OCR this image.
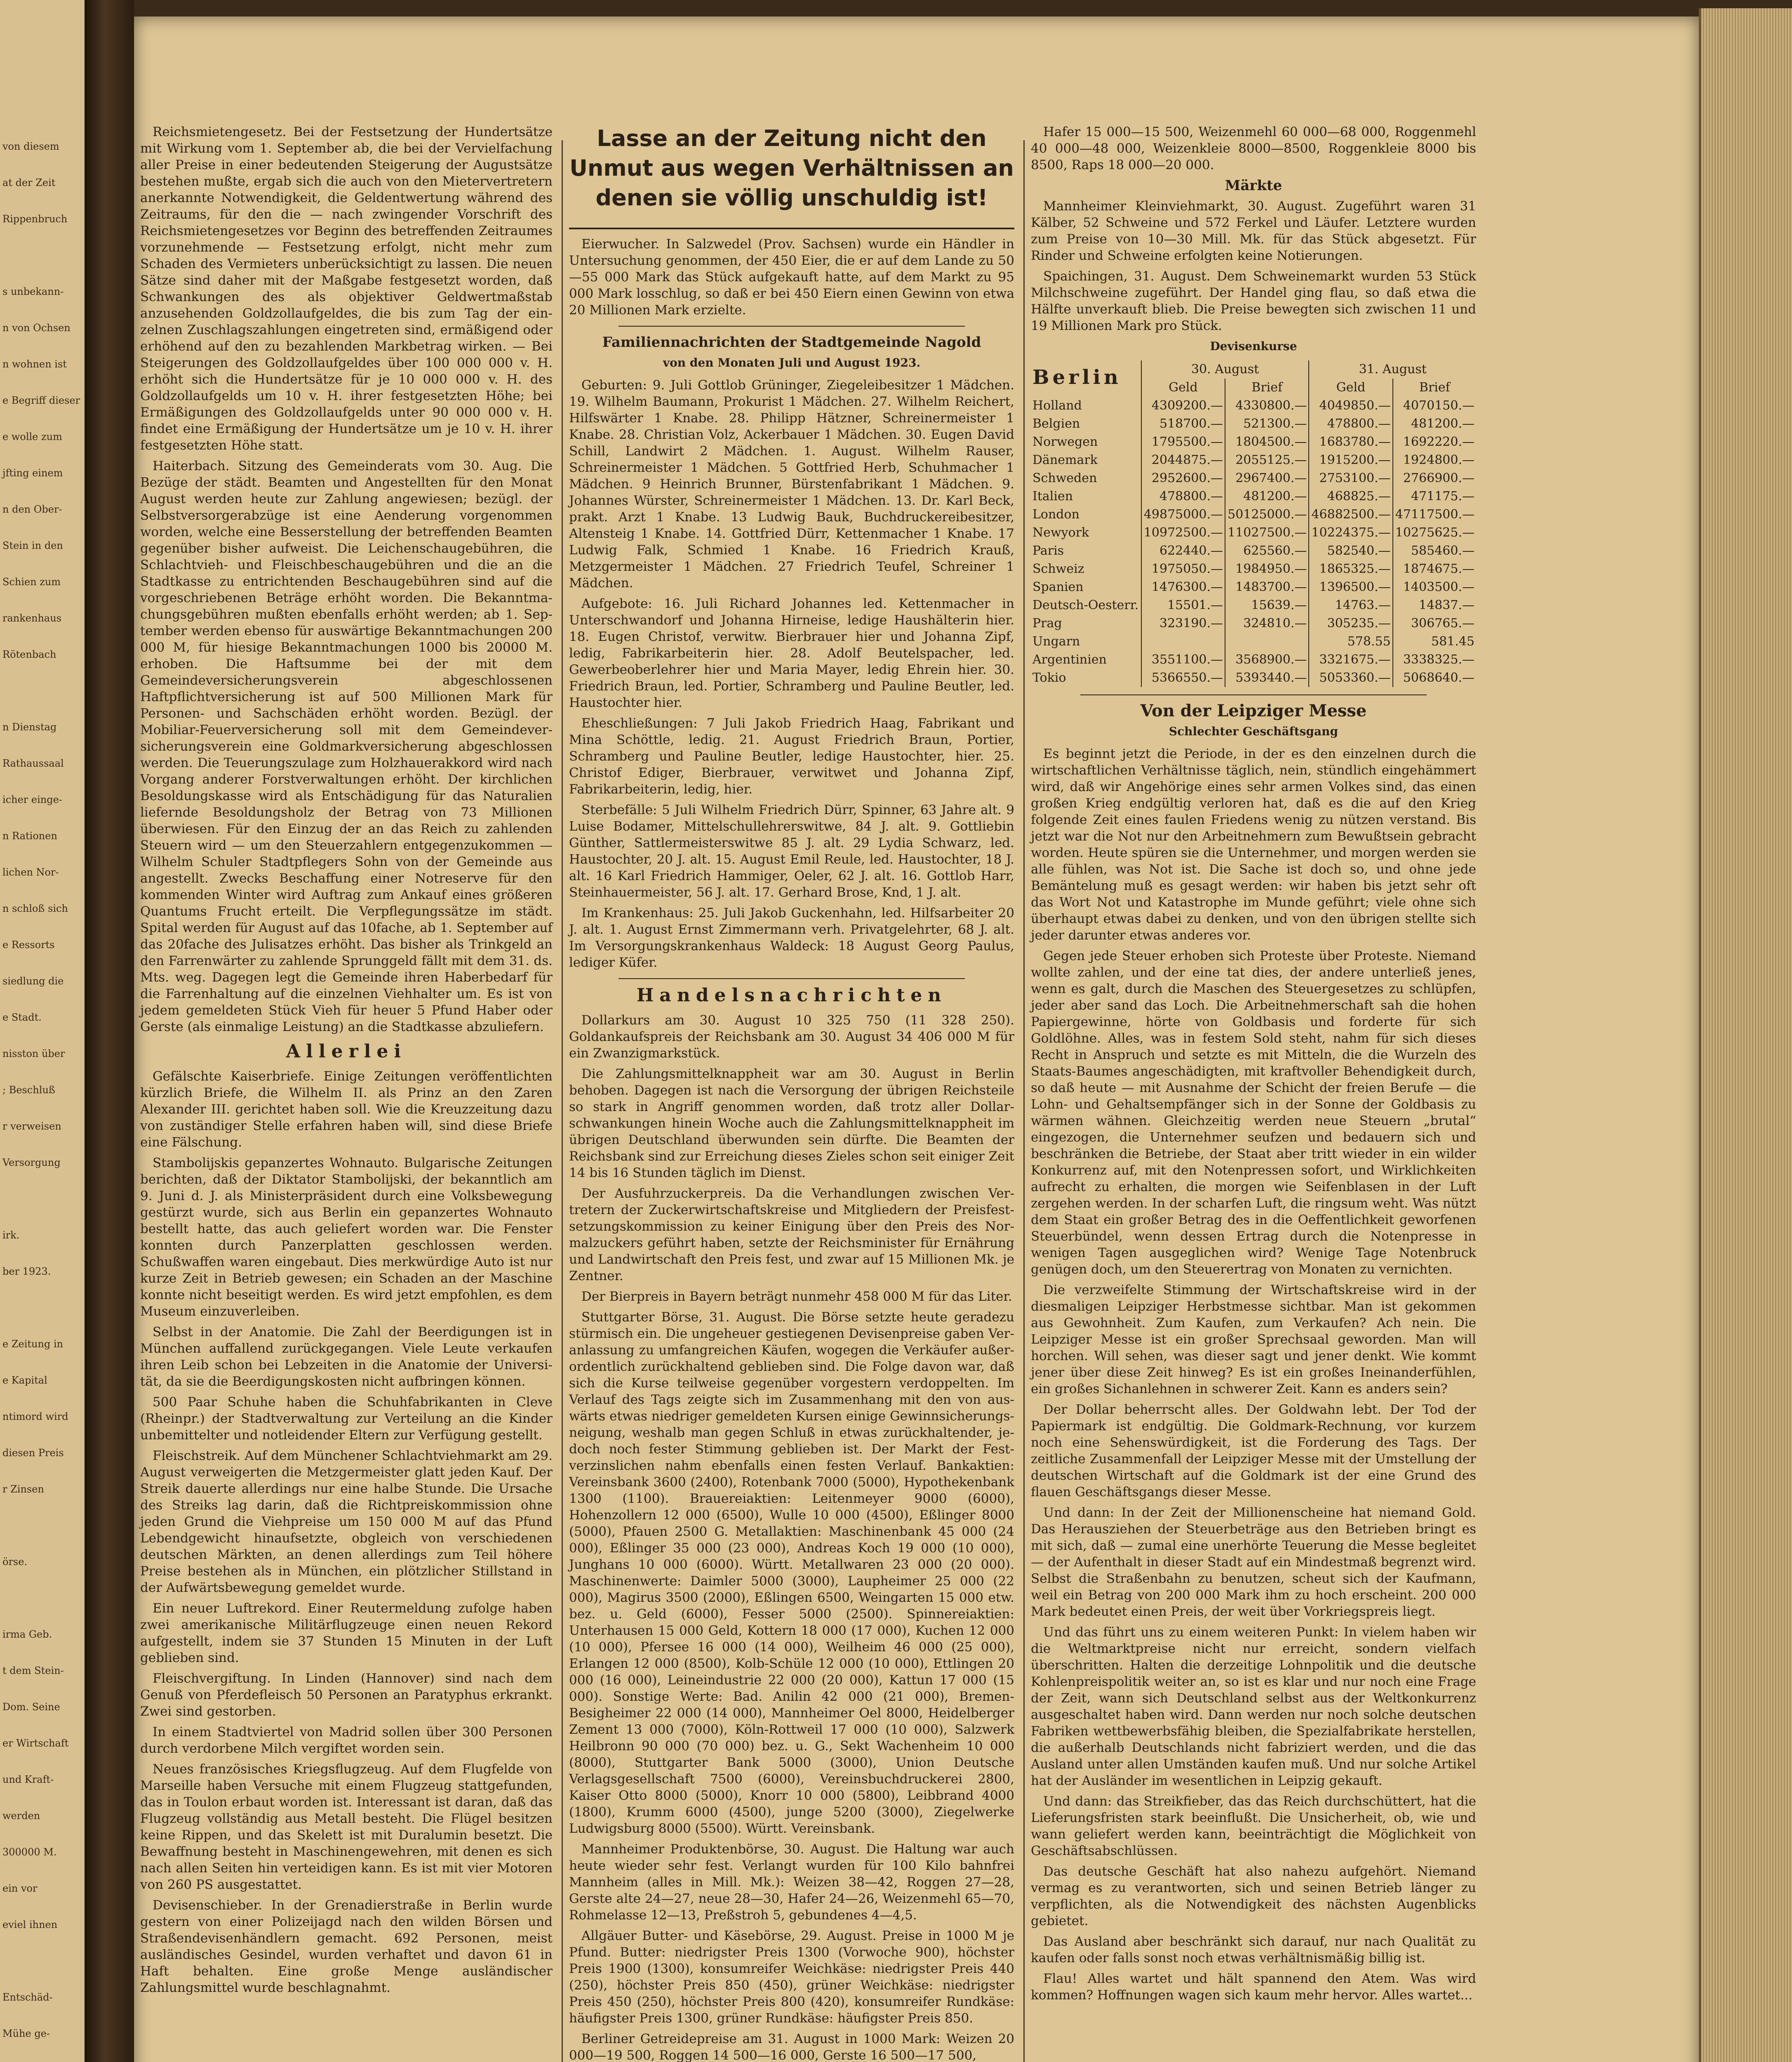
von diesem
at der Zeit
Rippenbruch
s unbekann-
n von Ochsen
n wohnen ist
e Begriff dieser
e wolle zum
jfting einem
n den Ober-
Stein in den
Schien zum
rankenhaus
Rötenbach
n Dienstag
Rathaussaal
icher einge-
n Rationen
lichen Nor-
n schloß sich
e Ressorts
siedlung die
e Stadt.
nisston über
; Beschluß
r verweisen
Versorgung
irk.
ber 1923.
e Zeitung in
e Kapital
ntimord wird
diesen Preis
r Zinsen
örse.
irma Geb.
t dem Stein-
Dom. Seine
er Wirtschaft
und Kraft-
werden
300000 M.
ein vor
eviel ihnen
Entschäd-
Mühe ge-

Reichsmietengesetz. Bei der Festsetzung der Hundertsätze mit Wirkung vom 1. September ab, die bei der Vervielfachung aller Preise in einer bedeutenden Steigerung der Augustsätze bestehen mußte, ergab sich die auch von den Mietervertretern anerkannte Notwendigkeit, die Geldentwertung während des Zeitraums, für den die — nach zwingender Vorschrift des Reichsmietengesetzes vor Beginn des betreffenden Zeitraumes vorzunehmende — Festsetzung erfolgt, nicht mehr zum Schaden des Vermieters unberücksichtigt zu lassen. Die neuen Sätze sind daher mit der Maßgabe festgesetzt worden, daß Schwankungen des als objektiver Geldwertmaßstab anzusehenden Goldzollaufgeldes, die bis zum Tag der einzelnen Zuschlagszahlungen eingetreten sind, ermäßigend oder erhöhend auf den zu bezahlenden Markbetrag wirken. — Bei Steigerungen des Goldzollaufgeldes über 100 000 000 v. H. erhöht sich die Hundertsätze für je 10 000 000 v. H. des Goldzollaufgelds um 10 v. H. ihrer festgesetzten Höhe; bei Ermäßigungen des Goldzollaufgelds unter 90 000 000 v. H. findet eine Ermäßigung der Hundertsätze um je 10 v. H. ihrer festgesetzten Höhe statt.

Haiterbach. Sitzung des Gemeinderats vom 30. Aug. Die Bezüge der städt. Beamten und Angestellten für den Monat August werden heute zur Zahlung angewiesen; bezügl. der Selbstversorgerabzüge ist eine Aenderung vorgenommen worden, welche eine Besserstellung der betreffenden Beamten gegenüber bisher aufweist. Die Leichenschaugebühren, die Schlachtvieh- und Fleischbeschaugebühren und die an die Stadtkasse zu entrichtenden Beschaugebühren sind auf die vorgeschriebenen Beträge erhöht worden. Die Bekanntmachungsgebühren mußten ebenfalls erhöht werden; ab 1. September werden ebenso für auswärtige Bekanntmachungen 200 000 M, für hiesige Bekanntmachungen 1000 bis 20000 M. erhoben. Die Haftsumme bei der mit dem Gemeindeversicherungsverein abgeschlossenen Haftpflichtversicherung ist auf 500 Millionen Mark für Personen- und Sachschäden erhöht worden. Bezügl. der Mobiliar-Feuerversicherung soll mit dem Gemeindeversicherungsverein eine Goldmarkversicherung abgeschlossen werden. Die Teuerungszulage zum Holzhauerakkord wird nach Vorgang anderer Forstverwaltungen erhöht. Der kirchlichen Besoldungskasse wird als Entschädigung für das Naturalien liefernde Besoldungsholz der Betrag von 73 Millionen überwiesen. Für den Einzug der an das Reich zu zahlenden Steuern wird — um den Steuerzahlern entgegenzukommen — Wilhelm Schuler Stadtpflegers Sohn von der Gemeinde aus angestellt. Zwecks Beschaffung einer Notreserve für den kommenden Winter wird Auftrag zum Ankauf eines größeren Quantums Frucht erteilt. Die Verpflegungssätze im städt. Spital werden für August auf das 10fache, ab 1. September auf das 20fache des Julisatzes erhöht. Das bisher als Trinkgeld an den Farrenwärter zu zahlende Sprunggeld fällt mit dem 31. ds. Mts. weg. Dagegen legt die Gemeinde ihren Haberbedarf für die Farrenhaltung auf die einzelnen Viehhalter um. Es ist von jedem gemeldeten Stück Vieh für heuer 5 Pfund Haber oder Gerste (als einmalige Leistung) an die Stadtkasse abzuliefern.

Allerlei

Gefälschte Kaiserbriefe. Einige Zeitungen veröffentlichten kürzlich Briefe, die Wilhelm II. als Prinz an den Zaren Alexander III. gerichtet haben soll. Wie die Kreuzzeitung dazu von zuständiger Stelle erfahren haben will, sind diese Briefe eine Fälschung.

Stambolijskis gepanzertes Wohnauto. Bulgarische Zeitungen berichten, daß der Diktator Stambolijski, der bekanntlich am 9. Juni d. J. als Ministerpräsident durch eine Volksbewegung gestürzt wurde, sich aus Berlin ein gepanzertes Wohnauto bestellt hatte, das auch geliefert worden war. Die Fenster konnten durch Panzerplatten geschlossen werden. Schußwaffen waren eingebaut. Dies merkwürdige Auto ist nur kurze Zeit in Betrieb gewesen; ein Schaden an der Maschine konnte nicht beseitigt werden. Es wird jetzt empfohlen, es dem Museum einzuverleiben.

Selbst in der Anatomie. Die Zahl der Beerdigungen ist in München auffallend zurückgegangen. Viele Leute verkaufen ihren Leib schon bei Lebzeiten in die Anatomie der Universität, da sie die Beerdigungskosten nicht aufbringen können.

500 Paar Schuhe haben die Schuhfabrikanten in Cleve (Rheinpr.) der Stadtverwaltung zur Verteilung an die Kinder unbemittelter und notleidender Eltern zur Verfügung gestellt.

Fleischstreik. Auf dem Münchener Schlachtviehmarkt am 29. August verweigerten die Metzgermeister glatt jeden Kauf. Der Streik dauerte allerdings nur eine halbe Stunde. Die Ursache des Streiks lag darin, daß die Richtpreiskommission ohne jeden Grund die Viehpreise um 150 000 M auf das Pfund Lebendgewicht hinaufsetzte, obgleich von verschiedenen deutschen Märkten, an denen allerdings zum Teil höhere Preise bestehen als in München, ein plötzlicher Stillstand in der Aufwärtsbewegung gemeldet wurde.

Ein neuer Luftrekord. Einer Reutermeldung zufolge haben zwei amerikanische Militärflugzeuge einen neuen Rekord aufgestellt, indem sie 37 Stunden 15 Minuten in der Luft geblieben sind.

Fleischvergiftung. In Linden (Hannover) sind nach dem Genuß von Pferdefleisch 50 Personen an Paratyphus erkrankt. Zwei sind gestorben.

In einem Stadtviertel von Madrid sollen über 300 Personen durch verdorbene Milch vergiftet worden sein.

Neues französisches Kriegsflugzeug. Auf dem Flugfelde von Marseille haben Versuche mit einem Flugzeug stattgefunden, das in Toulon erbaut worden ist. Interessant ist daran, daß das Flugzeug vollständig aus Metall besteht. Die Flügel besitzen keine Rippen, und das Skelett ist mit Duralumin besetzt. Die Bewaffnung besteht in Maschinengewehren, mit denen es sich nach allen Seiten hin verteidigen kann. Es ist mit vier Motoren von 260 PS ausgestattet.

Devisenschieber. In der Grenadierstraße in Berlin wurde gestern von einer Polizeijagd nach den wilden Börsen und Straßendevisenhändlern gemacht. 692 Personen, meist ausländisches Gesindel, wurden verhaftet und davon 61 in Haft behalten. Eine große Menge ausländischer Zahlungsmittel wurde beschlagnahmt.

Lasse an der Zeitung nicht den Unmut aus wegen Verhältnissen an denen sie völlig unschuldig ist!

Eierwucher. In Salzwedel (Prov. Sachsen) wurde ein Händler in Untersuchung genommen, der 450 Eier, die er auf dem Lande zu 50—55 000 Mark das Stück aufgekauft hatte, auf dem Markt zu 95 000 Mark losschlug, so daß er bei 450 Eiern einen Gewinn von etwa 20 Millionen Mark erzielte.

Familiennachrichten der Stadtgemeinde Nagold
von den Monaten Juli und August 1923.

Geburten: 9. Juli Gottlob Grüninger, Ziegeleibesitzer 1 Mädchen. 19. Wilhelm Baumann, Prokurist 1 Mädchen. 27. Wilhelm Reichert, Hilfswärter 1 Knabe. 28. Philipp Hätzner, Schreinermeister 1 Knabe. 28. Christian Volz, Ackerbauer 1 Mädchen. 30. Eugen David Schill, Landwirt 2 Mädchen. 1. August. Wilhelm Rauser, Schreinermeister 1 Mädchen. 5 Gottfried Herb, Schuhmacher 1 Mädchen. 9 Heinrich Brunner, Bürstenfabrikant 1 Mädchen. 9. Johannes Würster, Schreinermeister 1 Mädchen. 13. Dr. Karl Beck, prakt. Arzt 1 Knabe. 13 Ludwig Bauk, Buchdruckereibesitzer, Altensteig 1 Knabe. 14. Gottfried Dürr, Kettenmacher 1 Knabe. 17 Ludwig Falk, Schmied 1 Knabe. 16 Friedrich Krauß, Metzgermeister 1 Mädchen. 27 Friedrich Teufel, Schreiner 1 Mädchen.

Aufgebote: 16. Juli Richard Johannes led. Kettenmacher in Unterschwandorf und Johanna Hirneise, ledige Haushälterin hier. 18. Eugen Christof, verwitw. Bierbrauer hier und Johanna Zipf, ledig, Fabrikarbeiterin hier. 28. Adolf Beutelspacher, led. Gewerbeoberlehrer hier und Maria Mayer, ledig Ehrein hier. 30. Friedrich Braun, led. Portier, Schramberg und Pauline Beutler, led. Haustochter hier.

Eheschließungen: 7 Juli Jakob Friedrich Haag, Fabrikant und Mina Schöttle, ledig. 21. August Friedrich Braun, Portier, Schramberg und Pauline Beutler, ledige Haustochter, hier. 25. Christof Ediger, Bierbrauer, verwitwet und Johanna Zipf, Fabrikarbeiterin, ledig, hier.

Sterbefälle: 5 Juli Wilhelm Friedrich Dürr, Spinner, 63 Jahre alt. 9 Luise Bodamer, Mittelschullehrerswitwe, 84 J. alt. 9. Gottliebin Günther, Sattlermeisterswitwe 85 J. alt. 29 Lydia Schwarz, led. Haustochter, 20 J. alt. 15. August Emil Reule, led. Haustochter, 18 J. alt. 16 Karl Friedrich Hammiger, Oeler, 62 J. alt. 16. Gottlob Harr, Steinhauermeister, 56 J. alt. 17. Gerhard Brose, Knd, 1 J. alt.

Im Krankenhaus: 25. Juli Jakob Guckenhahn, led. Hilfsarbeiter 20 J. alt. 1. August Ernst Zimmermann verh. Privatgelehrter, 68 J. alt. Im Versorgungskrankenhaus Waldeck: 18 August Georg Paulus, lediger Küfer.

Handelsnachrichten

Dollarkurs am 30. August 10 325 750 (11 328 250). Goldankaufspreis der Reichsbank am 30. August 34 406 000 M für ein Zwanzigmarkstück.

Die Zahlungsmittelknappheit war am 30. August in Berlin behoben. Dagegen ist nach die Versorgung der übrigen Reichsteile so stark in Angriff genommen worden, daß trotz aller Dollarschwankungen hinein Woche auch die Zahlungsmittelknappheit im übrigen Deutschland überwunden sein dürfte. Die Beamten der Reichsbank sind zur Erreichung dieses Zieles schon seit einiger Zeit 14 bis 16 Stunden täglich im Dienst.

Der Ausfuhrzuckerpreis. Da die Verhandlungen zwischen Vertretern der Zuckerwirtschaftskreise und Mitgliedern der Preisfestsetzungskommission zu keiner Einigung über den Preis des Normalzuckers geführt haben, setzte der Reichsminister für Ernährung und Landwirtschaft den Preis fest, und zwar auf 15 Millionen Mk. je Zentner.

Der Bierpreis in Bayern beträgt nunmehr 458 000 M für das Liter.

Stuttgarter Börse, 31. August. Die Börse setzte heute geradezu stürmisch ein. Die ungeheuer gestiegenen Devisenpreise gaben Veranlassung zu umfangreichen Käufen, wogegen die Verkäufer außerordentlich zurückhaltend geblieben sind. Die Folge davon war, daß sich die Kurse teilweise gegenüber vorgestern verdoppelten. Im Verlauf des Tags zeigte sich im Zusammenhang mit den von auswärts etwas niedriger gemeldeten Kursen einige Gewinnsicherungsneigung, weshalb man gegen Schluß in etwas zurückhaltender, jedoch noch fester Stimmung geblieben ist. Der Markt der Festverzinslichen nahm ebenfalls einen festen Verlauf. Bankaktien: Vereinsbank 3600 (2400), Rotenbank 7000 (5000), Hypothekenbank 1300 (1100). Brauereiaktien: Leitenmeyer 9000 (6000), Hohenzollern 12 000 (6500), Wulle 10 000 (4500), Eßlinger 8000 (5000), Pfauen 2500 G. Metallaktien: Maschinenbank 45 000 (24 000), Eßlinger 35 000 (23 000), Andreas Koch 19 000 (10 000), Junghans 10 000 (6000). Württ. Metallwaren 23 000 (20 000). Maschinenwerte: Daimler 5000 (3000), Laupheimer 25 000 (22 000), Magirus 3500 (2000), Eßlingen 6500, Weingarten 15 000 etw. bez. u. Geld (6000), Fesser 5000 (2500). Spinnereiaktien: Unterhausen 15 000 Geld, Kottern 18 000 (17 000), Kuchen 12 000 (10 000), Pfersee 16 000 (14 000), Weilheim 46 000 (25 000), Erlangen 12 000 (8500), Kolb-Schüle 12 000 (10 000), Ettlingen 20 000 (16 000), Leineindustrie 22 000 (20 000), Kattun 17 000 (15 000). Sonstige Werte: Bad. Anilin 42 000 (21 000), Bremen-Besigheimer 22 000 (14 000), Mannheimer Oel 8000, Heidelberger Zement 13 000 (7000), Köln-Rottweil 17 000 (10 000), Salzwerk Heilbronn 90 000 (70 000) bez. u. G., Sekt Wachenheim 10 000 (8000), Stuttgarter Bank 5000 (3000), Union Deutsche Verlagsgesellschaft 7500 (6000), Vereinsbuchdruckerei 2800, Kaiser Otto 8000 (5000), Knorr 10 000 (5800), Leibbrand 4000 (1800), Krumm 6000 (4500), junge 5200 (3000), Ziegelwerke Ludwigsburg 8000 (5500). Württ. Vereinsbank.

Mannheimer Produktenbörse, 30. August. Die Haltung war auch heute wieder sehr fest. Verlangt wurden für 100 Kilo bahnfrei Mannheim (alles in Mill. Mk.): Weizen 38—42, Roggen 27—28, Gerste alte 24—27, neue 28—30, Hafer 24—26, Weizenmehl 65—70, Rohmelasse 12—13, Preßstroh 5, gebundenes 4—4,5.

Allgäuer Butter- und Käsebörse, 29. August. Preise in 1000 M je Pfund. Butter: niedrigster Preis 1300 (Vorwoche 900), höchster Preis 1900 (1300), konsumreifer Weichkäse: niedrigster Preis 440 (250), höchster Preis 850 (450), grüner Weichkäse: niedrigster Preis 450 (250), höchster Preis 800 (420), konsumreifer Rundkäse: häufigster Preis 1300, grüner Rundkäse: häufigster Preis 850.

Berliner Getreidepreise am 31. August in 1000 Mark: Weizen 20 000—19 500, Roggen 14 500—16 000, Gerste 16 500—17 500,

Hafer 15 000—15 500, Weizenmehl 60 000—68 000, Roggenmehl 40 000—48 000, Weizenkleie 8000—8500, Roggenkleie 8000 bis 8500, Raps 18 000—20 000.

Märkte

Mannheimer Kleinviehmarkt, 30. August. Zugeführt waren 31 Kälber, 52 Schweine und 572 Ferkel und Läufer. Letztere wurden zum Preise von 10—30 Mill. Mk. für das Stück abgesetzt. Für Rinder und Schweine erfolgten keine Notierungen.

Spaichingen, 31. August. Dem Schweinemarkt wurden 53 Stück Milchschweine zugeführt. Der Handel ging flau, so daß etwa die Hälfte unverkauft blieb. Die Preise bewegten sich zwischen 11 und 19 Millionen Mark pro Stück.

Devisenkurse
Berlin	30. August		31. August	
	Geld	Brief	Geld	Brief
Holland	4309200.—	4330800.—	4049850.—	4070150.—
Belgien	518700.—	521300.—	478800.—	481200.—
Norwegen	1795500.—	1804500.—	1683780.—	1692220.—
Dänemark	2044875.—	2055125.—	1915200.—	1924800.—
Schweden	2952600.—	2967400.—	2753100.—	2766900.—
Italien	478800.—	481200.—	468825.—	471175.—
London	49875000.—	50125000.—	46882500.—	47117500.—
Newyork	10972500.—	11027500.—	10224375.—	10275625.—
Paris	622440.—	625560.—	582540.—	585460.—
Schweiz	1975050.—	1984950.—	1865325.—	1874675.—
Spanien	1476300.—	1483700.—	1396500.—	1403500.—
Deutsch-Oesterr.	15501.—	15639.—	14763.—	14837.—
Prag	323190.—	324810.—	305235.—	306765.—
Ungarn			578.55	581.45
Argentinien	3551100.—	3568900.—	3321675.—	3338325.—
Tokio	5366550.—	5393440.—	5053360.—	5068640.—
Von der Leipziger Messe
Schlechter Geschäftsgang

Es beginnt jetzt die Periode, in der es den einzelnen durch die wirtschaftlichen Verhältnisse täglich, nein, stündlich eingehämmert wird, daß wir Angehörige eines sehr armen Volkes sind, das einen großen Krieg endgültig verloren hat, daß es die auf den Krieg folgende Zeit eines faulen Friedens wenig zu nützen verstand. Bis jetzt war die Not nur den Arbeitnehmern zum Bewußtsein gebracht worden. Heute spüren sie die Unternehmer, und morgen werden sie alle fühlen, was Not ist. Die Sache ist doch so, und ohne jede Bemäntelung muß es gesagt werden: wir haben bis jetzt sehr oft das Wort Not und Katastrophe im Munde geführt; viele ohne sich überhaupt etwas dabei zu denken, und von den übrigen stellte sich jeder darunter etwas anderes vor.

Gegen jede Steuer erhoben sich Proteste über Proteste. Niemand wollte zahlen, und der eine tat dies, der andere unterließ jenes, wenn es galt, durch die Maschen des Steuergesetzes zu schlüpfen, jeder aber sand das Loch. Die Arbeitnehmerschaft sah die hohen Papiergewinne, hörte von Goldbasis und forderte für sich Goldlöhne. Alles, was in festem Sold steht, nahm für sich dieses Recht in Anspruch und setzte es mit Mitteln, die die Wurzeln des Staats-Baumes angeschädigten, mit kraftvoller Behendigkeit durch, so daß heute — mit Ausnahme der Schicht der freien Berufe — die Lohn- und Gehaltsempfänger sich in der Sonne der Goldbasis zu wärmen wähnen. Gleichzeitig werden neue Steuern „brutal“ eingezogen, die Unternehmer seufzen und bedauern sich und beschränken die Betriebe, der Staat aber tritt wieder in ein wilder Konkurrenz auf, mit den Notenpressen sofort, und Wirklichkeiten aufrecht zu erhalten, die morgen wie Seifenblasen in der Luft zergehen werden. In der scharfen Luft, die ringsum weht. Was nützt dem Staat ein großer Betrag des in die Oeffentlichkeit geworfenen Steuerbündel, wenn dessen Ertrag durch die Notenpresse in wenigen Tagen ausgeglichen wird? Wenige Tage Notenbruck genügen doch, um den Steuerertrag von Monaten zu vernichten.

Die verzweifelte Stimmung der Wirtschaftskreise wird in der diesmaligen Leipziger Herbstmesse sichtbar. Man ist gekommen aus Gewohnheit. Zum Kaufen, zum Verkaufen? Ach nein. Die Leipziger Messe ist ein großer Sprechsaal geworden. Man will horchen. Will sehen, was dieser sagt und jener denkt. Wie kommt jener über diese Zeit hinweg? Es ist ein großes Ineinanderfühlen, ein großes Sichanlehnen in schwerer Zeit. Kann es anders sein?

Der Dollar beherrscht alles. Der Goldwahn lebt. Der Tod der Papiermark ist endgültig. Die Goldmark-Rechnung, vor kurzem noch eine Sehenswürdigkeit, ist die Forderung des Tags. Der zeitliche Zusammenfall der Leipziger Messe mit der Umstellung der deutschen Wirtschaft auf die Goldmark ist der eine Grund des flauen Geschäftsgangs dieser Messe.

Und dann: In der Zeit der Millionenscheine hat niemand Gold. Das Herausziehen der Steuerbeträge aus den Betrieben bringt es mit sich, daß — zumal eine unerhörte Teuerung die Messe begleitet — der Aufenthalt in dieser Stadt auf ein Mindestmaß begrenzt wird. Selbst die Straßenbahn zu benutzen, scheut sich der Kaufmann, weil ein Betrag von 200 000 Mark ihm zu hoch erscheint. 200 000 Mark bedeutet einen Preis, der weit über Vorkriegspreis liegt.

Und das führt uns zu einem weiteren Punkt: In vielem haben wir die Weltmarktpreise nicht nur erreicht, sondern vielfach überschritten. Halten die derzeitige Lohnpolitik und die deutsche Kohlenpreispolitik weiter an, so ist es klar und nur noch eine Frage der Zeit, wann sich Deutschland selbst aus der Weltkonkurrenz ausgeschaltet haben wird. Dann werden nur noch solche deutschen Fabriken wettbewerbsfähig bleiben, die Spezialfabrikate herstellen, die außerhalb Deutschlands nicht fabriziert werden, und die das Ausland unter allen Umständen kaufen muß. Und nur solche Artikel hat der Ausländer im wesentlichen in Leipzig gekauft.

Und dann: das Streikfieber, das das Reich durchschüttert, hat die Lieferungsfristen stark beeinflußt. Die Unsicherheit, ob, wie und wann geliefert werden kann, beeinträchtigt die Möglichkeit von Geschäftsabschlüssen.

Das deutsche Geschäft hat also nahezu aufgehört. Niemand vermag es zu verantworten, sich und seinen Betrieb länger zu verpflichten, als die Notwendigkeit des nächsten Augenblicks gebietet.

Das Ausland aber beschränkt sich darauf, nur nach Qualität zu kaufen oder falls sonst noch etwas verhältnismäßig billig ist.

Flau! Alles wartet und hält spannend den Atem. Was wird kommen? Hoffnungen wagen sich kaum mehr hervor. Alles wartet...
